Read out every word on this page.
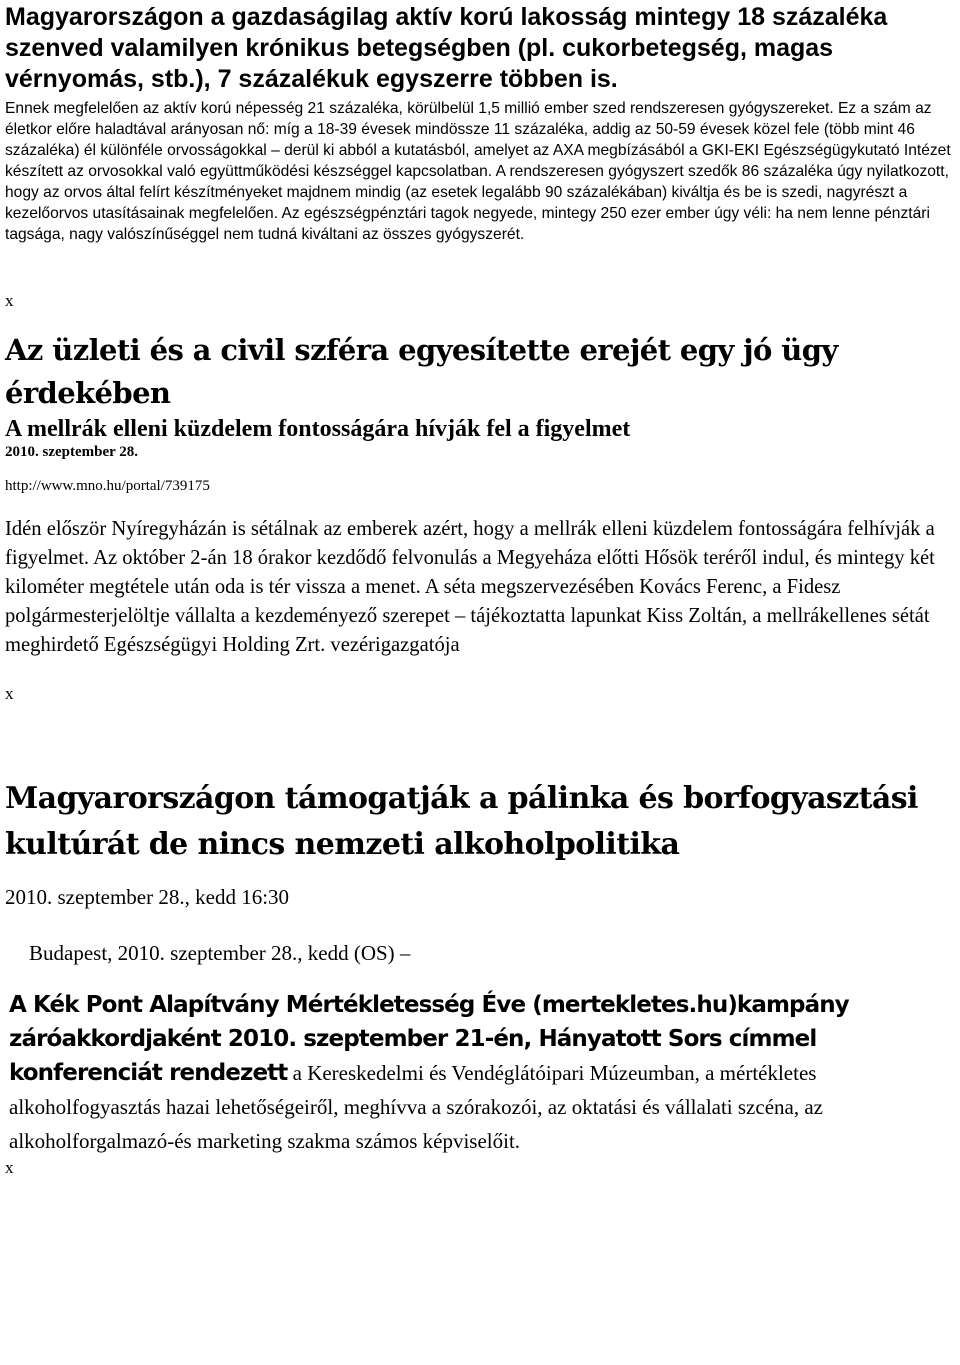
Magyarországon a gazdaságilag aktív korú lakosság mintegy 18 százaléka szenved valamilyen krónikus betegségben (pl. cukorbetegség, magas vérnyomás, stb.), 7 százalékuk egyszerre többen is.

Ennek megfelelően az aktív korú népesség 21 százaléka, körülbelül 1,5 millió ember szed rendszeresen gyógyszereket. Ez a szám az életkor előre haladtával arányosan nő: míg a 18-39 évesek mindössze 11 százaléka, addig az 50-59 évesek közel fele (több mint 46 százaléka) él különféle orvosságokkal – derül ki abból a kutatásból, amelyet az AXA megbízásából a GKI-EKI Egészségügykutató Intézet készített az orvosokkal való együttműködési készséggel kapcsolatban. A rendszeresen gyógyszert szedők 86 százaléka úgy nyilatkozott, hogy az orvos által felírt készítményeket majdnem mindig (az esetek legalább 90 százalékában) kiváltja és be is szedi, nagyrészt a kezelőorvos utasításainak megfelelően. Az egészségpénztári tagok negyede, mintegy 250 ezer ember úgy véli: ha nem lenne pénztári tagsága, nagy valószínűséggel nem tudná kiváltani az összes gyógyszerét.

x
Az üzleti és a civil szféra egyesítette erejét egy jó ügy érdekében
A mellrák elleni küzdelem fontosságára hívják fel a figyelmet
2010. szeptember 28.
http://www.mno.hu/portal/739175

Idén először Nyíregyházán is sétálnak az emberek azért, hogy a mellrák elleni küzdelem fontosságára felhívják a figyelmet. Az október 2-án 18 órakor kezdődő felvonulás a Megyeháza előtti Hősök teréről indul, és mintegy két kilométer megtétele után oda is tér vissza a menet. A séta megszervezésében Kovács Ferenc, a Fidesz polgármesterjelöltje vállalta a kezdeményező szerepet – tájékoztatta lapunkat Kiss Zoltán, a mellrákellenes sétát meghirdető Egészségügyi Holding Zrt. vezérigazgatója

x
Magyarországon támogatják a pálinka és borfogyasztási kultúrát de nincs nemzeti alkoholpolitika
2010. szeptember 28., kedd 16:30
Budapest, 2010. szeptember 28., kedd (OS) –

A Kék Pont Alapítvány Mértékletesség Éve (mertekletes.hu)kampány záróakkordjaként 2010. szeptember 21-én, Hányatott Sors címmel konferenciát rendezett a Kereskedelmi és Vendéglátóipari Múzeumban, a mértékletes alkoholfogyasztás hazai lehetőségeiről, meghívva a szórakozói, az oktatási és vállalati szcéna, az alkoholforgalmazó-és marketing szakma számos képviselőit.

x
